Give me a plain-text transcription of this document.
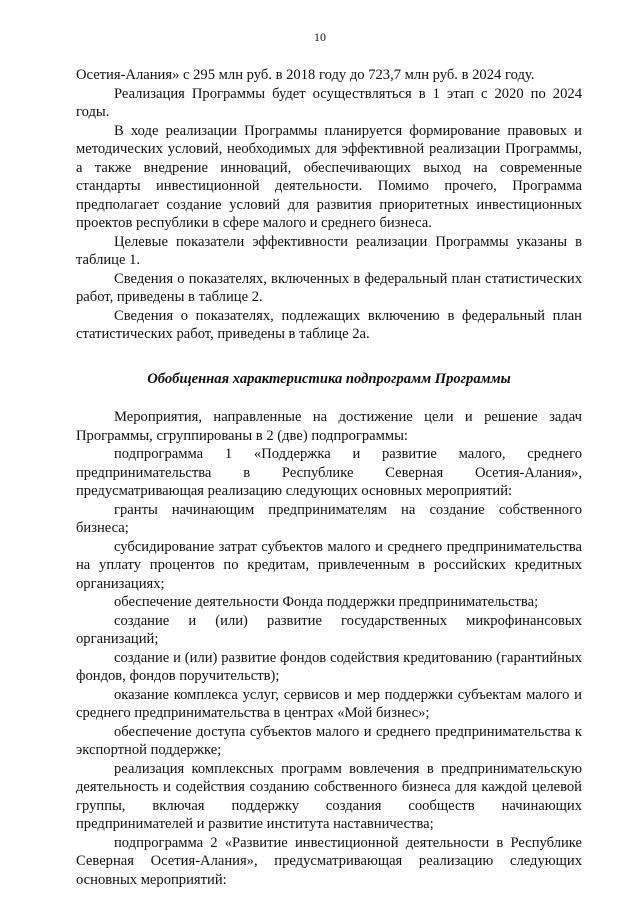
10

Осетия-Алания» с 295 млн руб. в 2018 году до 723,7 млн руб. в 2024 году.

Реализация Программы будет осуществляться в 1 этап с 2020 по 2024 годы.

В ходе реализации Программы планируется формирование правовых и методических условий, необходимых для эффективной реализации Программы, а также внедрение инноваций, обеспечивающих выход на современные стандарты инвестиционной деятельности. Помимо прочего, Программа предполагает создание условий для развития приоритетных инвестиционных проектов республики в сфере малого и среднего бизнеса.

Целевые показатели эффективности реализации Программы указаны в таблице 1.

Сведения о показателях, включенных в федеральный план статистических работ, приведены в таблице 2.

Сведения о показателях, подлежащих включению в федеральный план статистических работ, приведены в таблице 2а.

Обобщенная характеристика подпрограмм Программы

Мероприятия, направленные на достижение цели и решение задач Программы, сгруппированы в 2 (две) подпрограммы:

подпрограмма 1 «Поддержка и развитие малого, среднего предпринимательства в Республике Северная Осетия-Алания», предусматривающая реализацию следующих основных мероприятий:

гранты начинающим предпринимателям на создание собственного бизнеса;

субсидирование затрат субъектов малого и среднего предпринимательства на уплату процентов по кредитам, привлеченным в российских кредитных организациях;

обеспечение деятельности Фонда поддержки предпринимательства;

создание и (или) развитие государственных микрофинансовых организаций;

создание и (или) развитие фондов содействия кредитованию (гарантийных фондов, фондов поручительств);

оказание комплекса услуг, сервисов и мер поддержки субъектам малого и среднего предпринимательства в центрах «Мой бизнес»;

обеспечение доступа субъектов малого и среднего предпринимательства к экспортной поддержке;

реализация комплексных программ вовлечения в предпринимательскую деятельность и содействия созданию собственного бизнеса для каждой целевой группы, включая поддержку создания сообществ начинающих предпринимателей и развитие института наставничества;

подпрограмма 2 «Развитие инвестиционной деятельности в Республике Северная Осетия-Алания», предусматривающая реализацию следующих основных мероприятий:
